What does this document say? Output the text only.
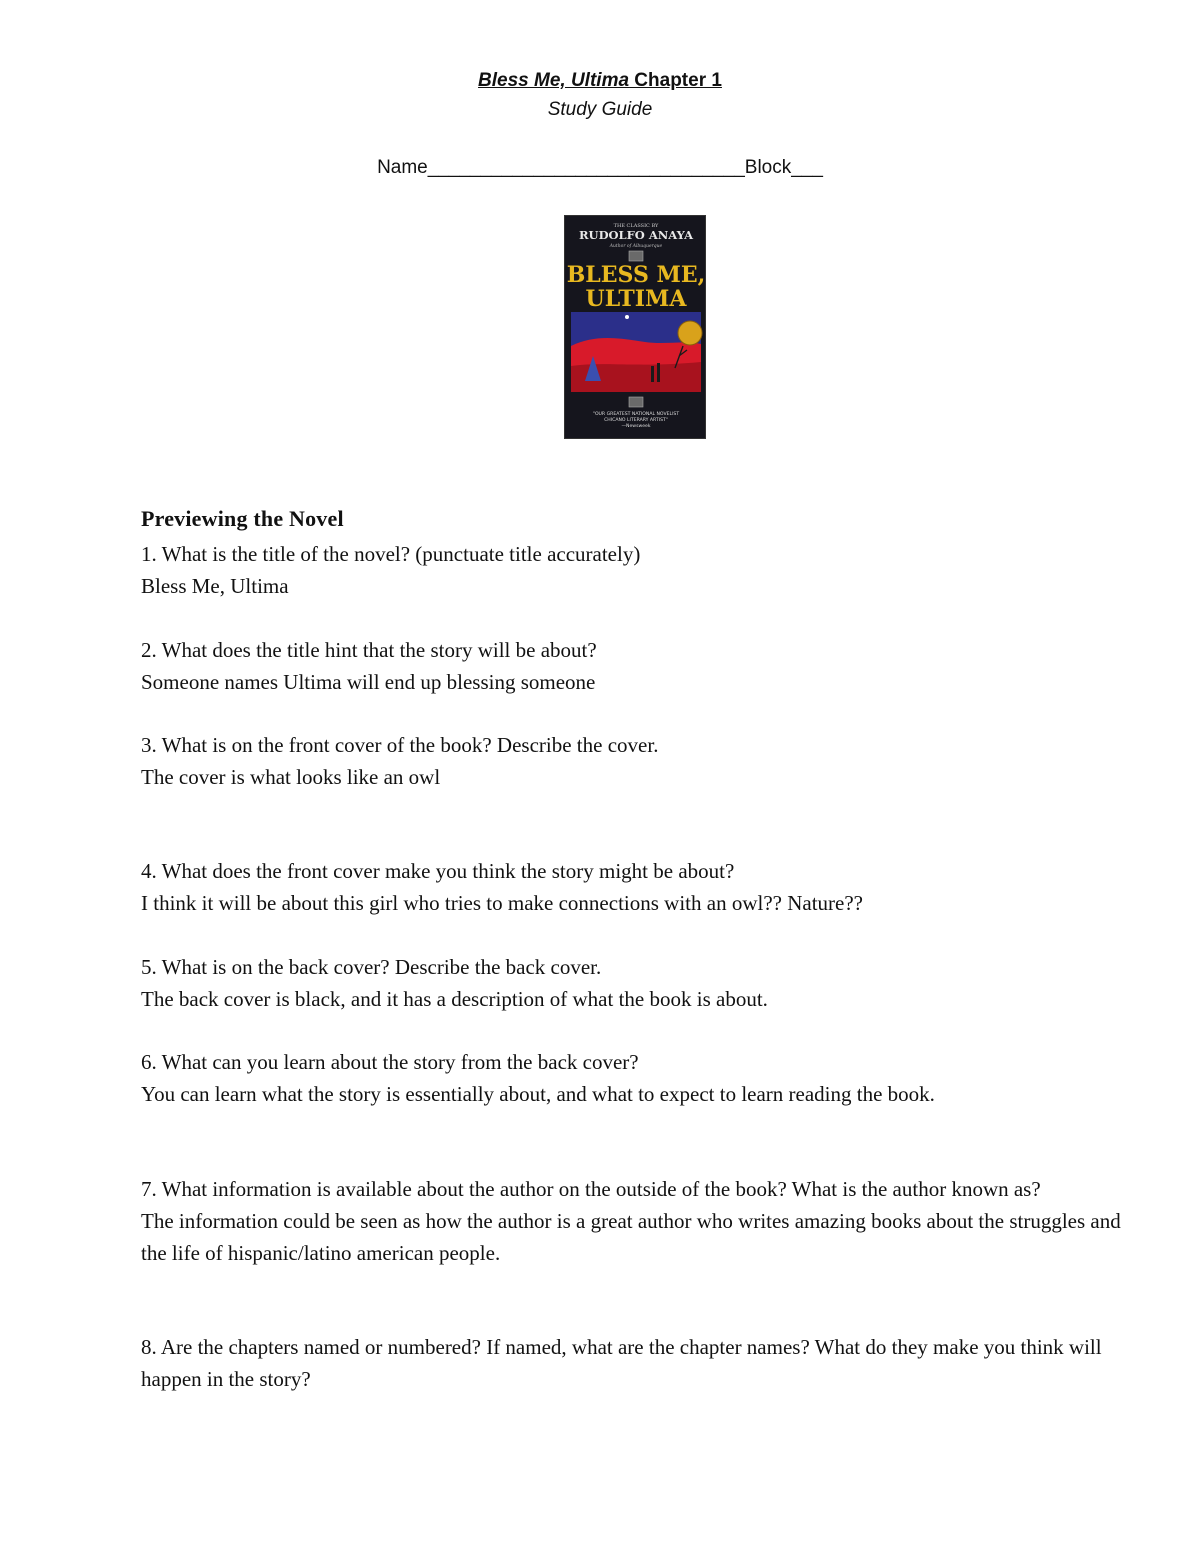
Bless Me, Ultima Chapter 1
Study Guide
Name______________________________Block___
THE CLASSIC BY
RUDOLFO ANAYA
Author of Albuquerque
BLESS ME,
ULTIMA
"OUR GREATEST NATIONAL NOVELIST
CHICANO LITERARY ARTIST"
—Newsweek
Previewing the Novel
1. What is the title of the novel? (punctuate title accurately)
Bless Me, Ultima
2. What does the title hint that the story will be about?
Someone names Ultima will end up blessing someone
3. What is on the front cover of the book? Describe the cover.
The cover is what looks like an owl
4. What does the front cover make you think the story might be about?
I think it will be about this girl who tries to make connections with an owl?? Nature??
5. What is on the back cover? Describe the back cover.
The back cover is black, and it has a description of what the book is about.
6. What can you learn about the story from the back cover?
You can learn what the story is essentially about, and what to expect to learn reading the book.
7. What information is available about the author on the outside of the book? What is the author known as?
The information could be seen as how the author is a great author who writes amazing books about the struggles and the life of hispanic/latino american people.
8. Are the chapters named or numbered? If named, what are the chapter names? What do they make you think will happen in the story?
